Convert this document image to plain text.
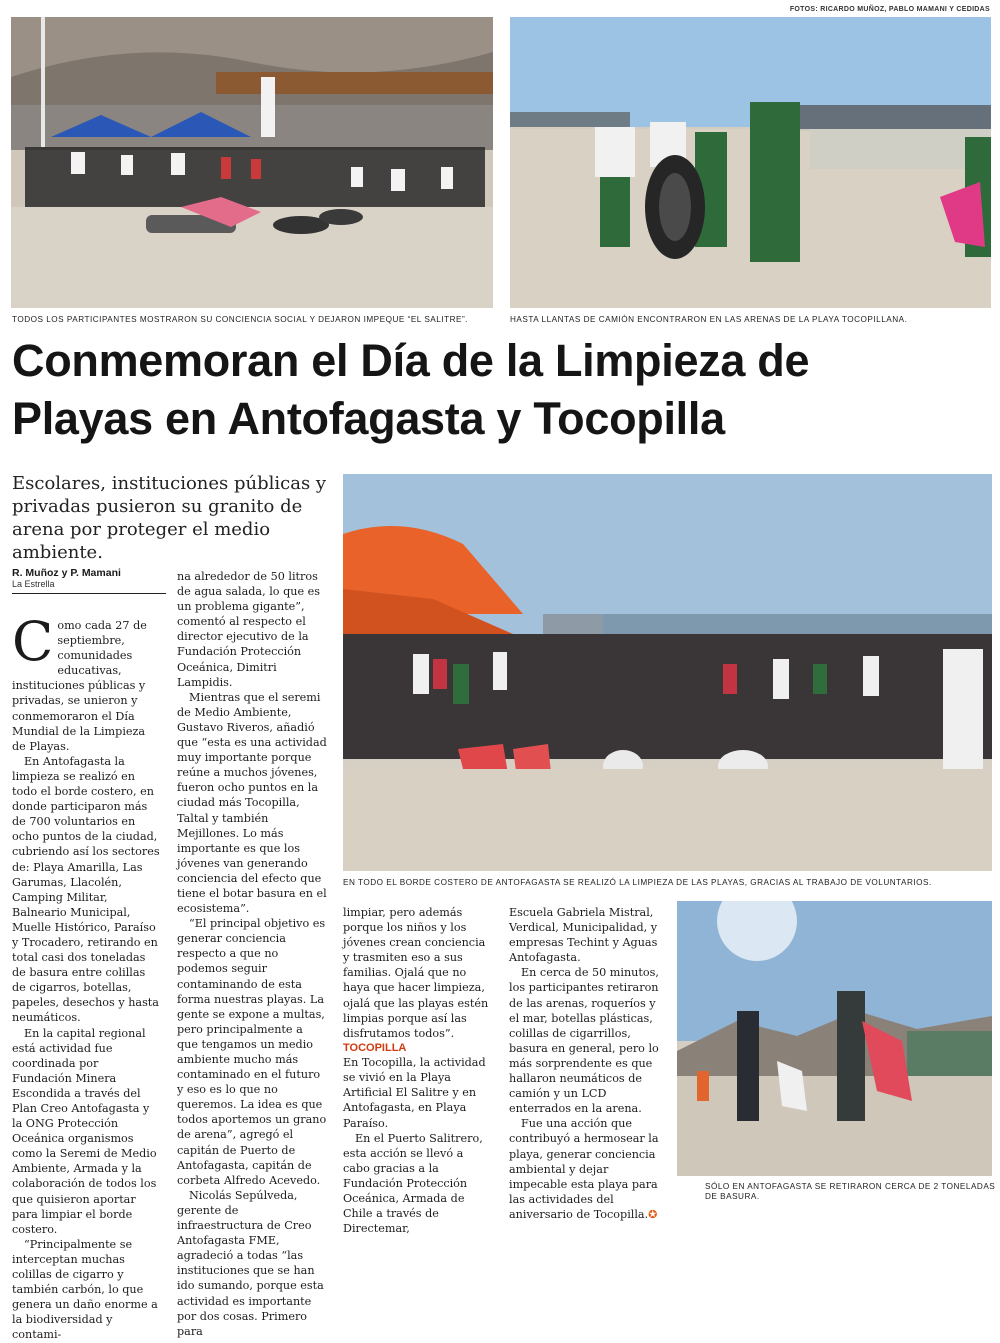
FOTOS: RICARDO MUÑOZ, PABLO MAMANI Y CEDIDAS
TODOS LOS PARTICIPANTES MOSTRARON SU CONCIENCIA SOCIAL Y DEJARON IMPEQUE “EL SALITRE”.	HASTA LLANTAS DE CAMIÓN ENCONTRARON EN LAS ARENAS DE LA PLAYA TOCOPILLANA.
Conmemoran el Día de la Limpieza de
Playas en Antofagasta y Tocopilla

Escolares, instituciones públicas y privadas pusieron su granito de arena por proteger el medio ambiente.

R. Muñoz y P. Mamani
La Estrella
EN TODO EL BORDE COSTERO DE ANTOFAGASTA SE REALIZÓ LA LIMPIEZA DE LAS PLAYAS, GRACIAS AL TRABAJO DE VOLUNTARIOS.

Como cada 27 de septiembre, comunidades educativas, instituciones públicas y privadas, se unieron y conmemoraron el Día Mundial de la Limpieza de Playas.

En Antofagasta la limpieza se realizó en todo el borde costero, en donde participaron más de 700 voluntarios en ocho puntos de la ciudad, cubriendo así los sectores de: Playa Amarilla, Las Garumas, Llacolén, Camping Militar, Balneario Municipal, Muelle Histórico, Paraíso y Trocadero, retirando en total casi dos toneladas de basura entre colillas de cigarros, botellas, papeles, desechos y hasta neumáticos.

En la capital regional está actividad fue coordinada por Fundación Minera Escondida a través del Plan Creo Antofagasta y la ONG Protección Oceánica organismos como la Seremi de Medio Ambiente, Armada y la colaboración de todos los que quisieron aportar para limpiar el borde costero.

“Principalmente se interceptan muchas colillas de cigarro y también carbón, lo que genera un daño enorme a la biodiversidad y contami-

na alrededor de 50 litros de agua salada, lo que es un problema gigante”, comentó al respecto el director ejecutivo de la Fundación Protección Oceánica, Dimitri Lampidis.

Mientras que el seremi de Medio Ambiente, Gustavo Riveros, añadió que “esta es una actividad muy importante porque reúne a muchos jóvenes, fueron ocho puntos en la ciudad más Tocopilla, Taltal y también Mejillones. Lo más importante es que los jóvenes van generando conciencia del efecto que tiene el botar basura en el ecosistema”.

“El principal objetivo es generar conciencia respecto a que no podemos seguir contaminando de esta forma nuestras playas. La gente se expone a multas, pero principalmente a que tengamos un medio ambiente mucho más contaminado en el futuro y eso es lo que no queremos. La idea es que todos aportemos un grano de arena”, agregó el capitán de Puerto de Antofagasta, capitán de corbeta Alfredo Acevedo.

Nicolás Sepúlveda, gerente de infraestructura de Creo Antofagasta FME, agradeció a todas “las instituciones que se han ido sumando, porque esta actividad es importante por dos cosas. Primero para

limpiar, pero además porque los niños y los jóvenes crean conciencia y trasmiten eso a sus familias. Ojalá que no haya que hacer limpieza, ojalá que las playas estén limpias porque así las disfrutamos todos”.

TOCOPILLA

En Tocopilla, la actividad se vivió en la Playa Artificial El Salitre y en Antofagasta, en Playa Paraíso.

En el Puerto Salitrero, esta acción se llevó a cabo gracias a la Fundación Protección Oceánica, Armada de Chile a través de Directemar,

Escuela Gabriela Mistral, Verdical, Municipalidad, y empresas Techint y Aguas Antofagasta.

En cerca de 50 minutos, los participantes retiraron de las arenas, roqueríos y el mar, botellas plásticas, colillas de cigarrillos, basura en general, pero lo más sorprendente es que hallaron neumáticos de camión y un LCD enterrados en la arena.

Fue una acción que contribuyó a hermosear la playa, generar conciencia ambiental y dejar impecable esta playa para las actividades del aniversario de Tocopilla.✪

SÓLO EN ANTOFAGASTA SE RETIRARON CERCA DE 2 TONELADAS DE BASURA.
